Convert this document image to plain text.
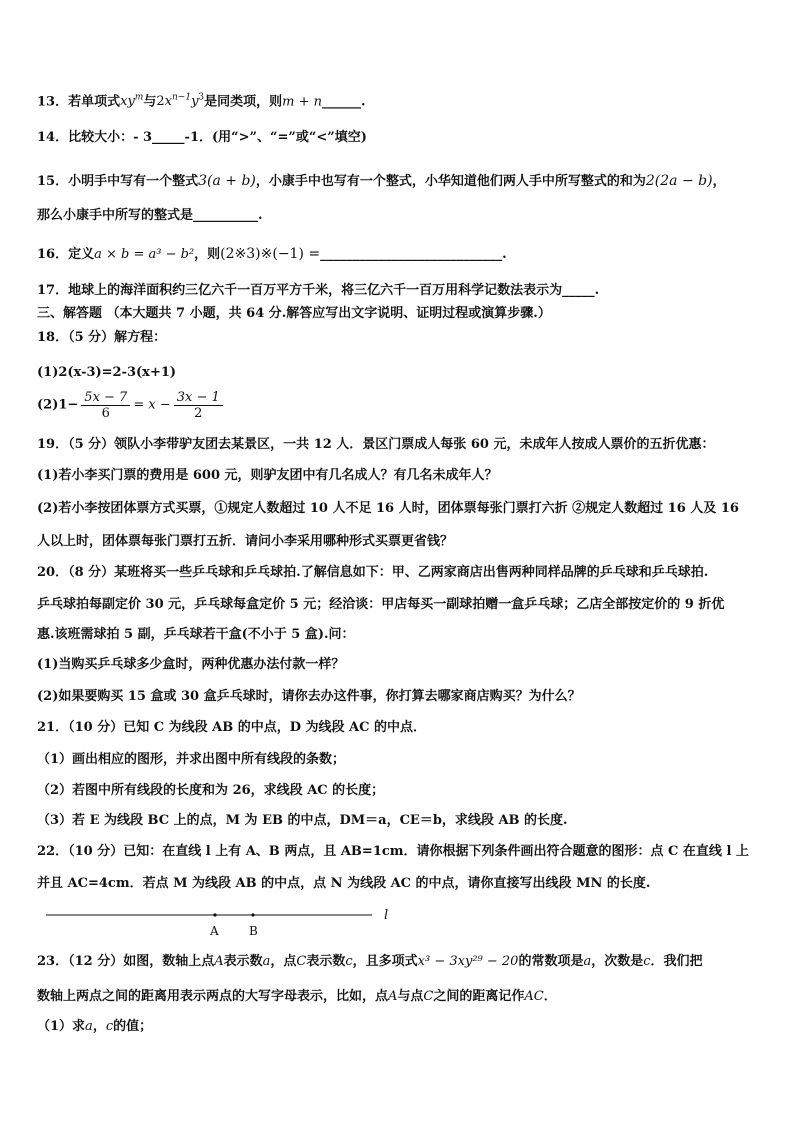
13．若单项式$xy^m$与$2x^{n-1}y^3$是同类项，则m + n______.
14．比较大小：- 3_____-1．(用“>”、“=”或“<”填空)
15．小明手中写有一个整式3(a + b)，小康手中也写有一个整式，小华知道他们两人手中所写整式的和为2(2a − b)，
那么小康手中所写的整式是__________.
16．定义a × b = a³ − b²，则(2※3)※(−1) =____________________________.
17．地球上的海洋面积约三亿六千一百万平方千米，将三亿六千一百万用科学记数法表示为_____.
三、解答题 （本大题共 7 小题，共 64 分.解答应写出文字说明、证明过程或演算步骤.）
18．（5 分）解方程：
(1)2(x-3)=2-3(x+1)
$(2)1- \frac{5x - 7}{6} = x - \frac{3x - 1}{2}$
19．（5 分）领队小李带驴友团去某景区，一共 12 人．景区门票成人每张 60 元，未成年人按成人票价的五折优惠：
(1)若小李买门票的费用是 600 元，则驴友团中有几名成人？有几名未成年人？
(2)若小李按团体票方式买票，①规定人数超过 10 人不足 16 人时，团体票每张门票打六折 ②规定人数超过 16 人及 16
人以上时，团体票每张门票打五折．请问小李采用哪种形式买票更省钱？
20．（8 分）某班将买一些乒乓球和乒乓球拍.了解信息如下：甲、乙两家商店出售两种同样品牌的乒乓球和乒乓球拍.
乒乓球拍每副定价 30 元，乒乓球每盒定价 5 元；经洽谈：甲店每买一副球拍赠一盒乒乓球；乙店全部按定价的 9 折优
惠.该班需球拍 5 副，乒乓球若干盒(不小于 5 盒).问：
(1)当购买乒乓球多少盒时，两种优惠办法付款一样？
(2)如果要购买 15 盒或 30 盒乒乓球时，请你去办这件事，你打算去哪家商店购买？为什么？
21．（10 分）已知 C 为线段 AB 的中点，D 为线段 AC 的中点．
（1）画出相应的图形，并求出图中所有线段的条数；
（2）若图中所有线段的长度和为 26，求线段 AC 的长度；
（3）若 E 为线段 BC 上的点，M 为 EB 的中点，DM＝a，CE＝b，求线段 AB 的长度.
22．（10 分）已知：在直线 l 上有 A、B 两点，且 AB=1cm．请你根据下列条件画出符合题意的图形：点 C 在直线 l 上
并且 AC=4cm．若点 M 为线段 AB 的中点，点 N 为线段 AC 的中点，请你直接写出线段 MN 的长度.
l
A	B
23．（12 分）如图，数轴上点A表示数a，点C表示数c，且多项式x³ − 3xy²⁹ − 20的常数项是a，次数是c．我们把
数轴上两点之间的距离用表示两点的大写字母表示，比如，点A与点C之间的距离记作AC．
（1）求a，c的值；
